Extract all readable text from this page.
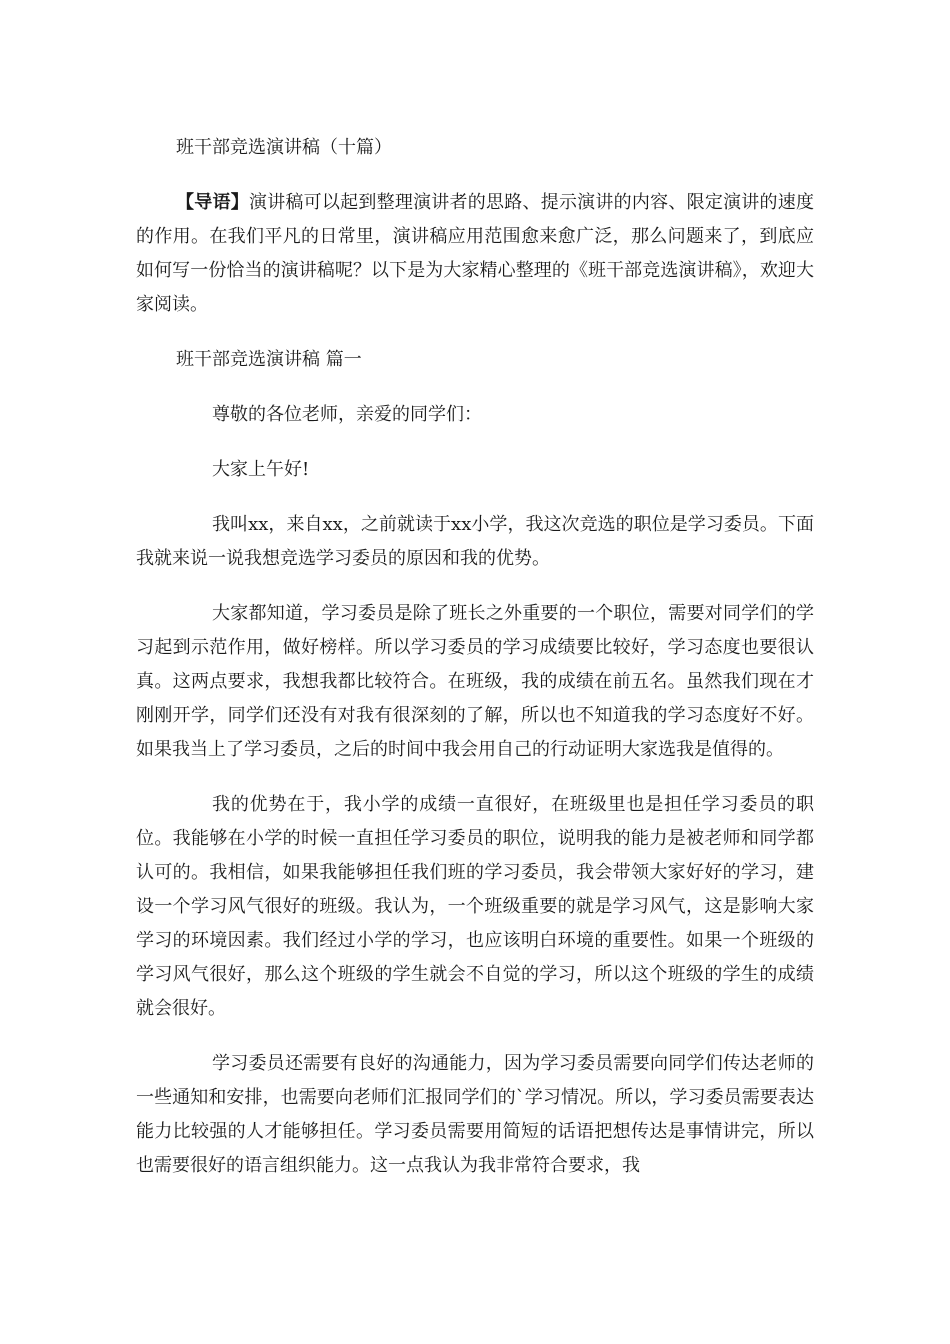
班干部竞选演讲稿（十篇）

【导语】演讲稿可以起到整理演讲者的思路、提示演讲的内容、限定演讲的速度的作用。在我们平凡的日常里，演讲稿应用范围愈来愈广泛，那么问题来了，到底应如何写一份恰当的演讲稿呢？以下是为大家精心整理的《班干部竞选演讲稿》，欢迎大家阅读。

班干部竞选演讲稿 篇一

尊敬的各位老师，亲爱的同学们：

大家上午好!

我叫xx，来自xx，之前就读于xx小学，我这次竞选的职位是学习委员。下面我就来说一说我想竞选学习委员的原因和我的优势。

大家都知道，学习委员是除了班长之外重要的一个职位，需要对同学们的学习起到示范作用，做好榜样。所以学习委员的学习成绩要比较好，学习态度也要很认真。这两点要求，我想我都比较符合。在班级，我的成绩在前五名。虽然我们现在才刚刚开学，同学们还没有对我有很深刻的了解，所以也不知道我的学习态度好不好。如果我当上了学习委员，之后的时间中我会用自己的行动证明大家选我是值得的。

我的优势在于，我小学的成绩一直很好，在班级里也是担任学习委员的职位。我能够在小学的时候一直担任学习委员的职位，说明我的能力是被老师和同学都认可的。我相信，如果我能够担任我们班的学习委员，我会带领大家好好的学习，建设一个学习风气很好的班级。我认为，一个班级重要的就是学习风气，这是影响大家学习的环境因素。我们经过小学的学习，也应该明白环境的重要性。如果一个班级的学习风气很好，那么这个班级的学生就会不自觉的学习，所以这个班级的学生的成绩就会很好。

学习委员还需要有良好的沟通能力，因为学习委员需要向同学们传达老师的一些通知和安排，也需要向老师们汇报同学们的`学习情况。所以，学习委员需要表达能力比较强的人才能够担任。学习委员需要用简短的话语把想传达是事情讲完，所以也需要很好的语言组织能力。这一点我认为我非常符合要求，我
